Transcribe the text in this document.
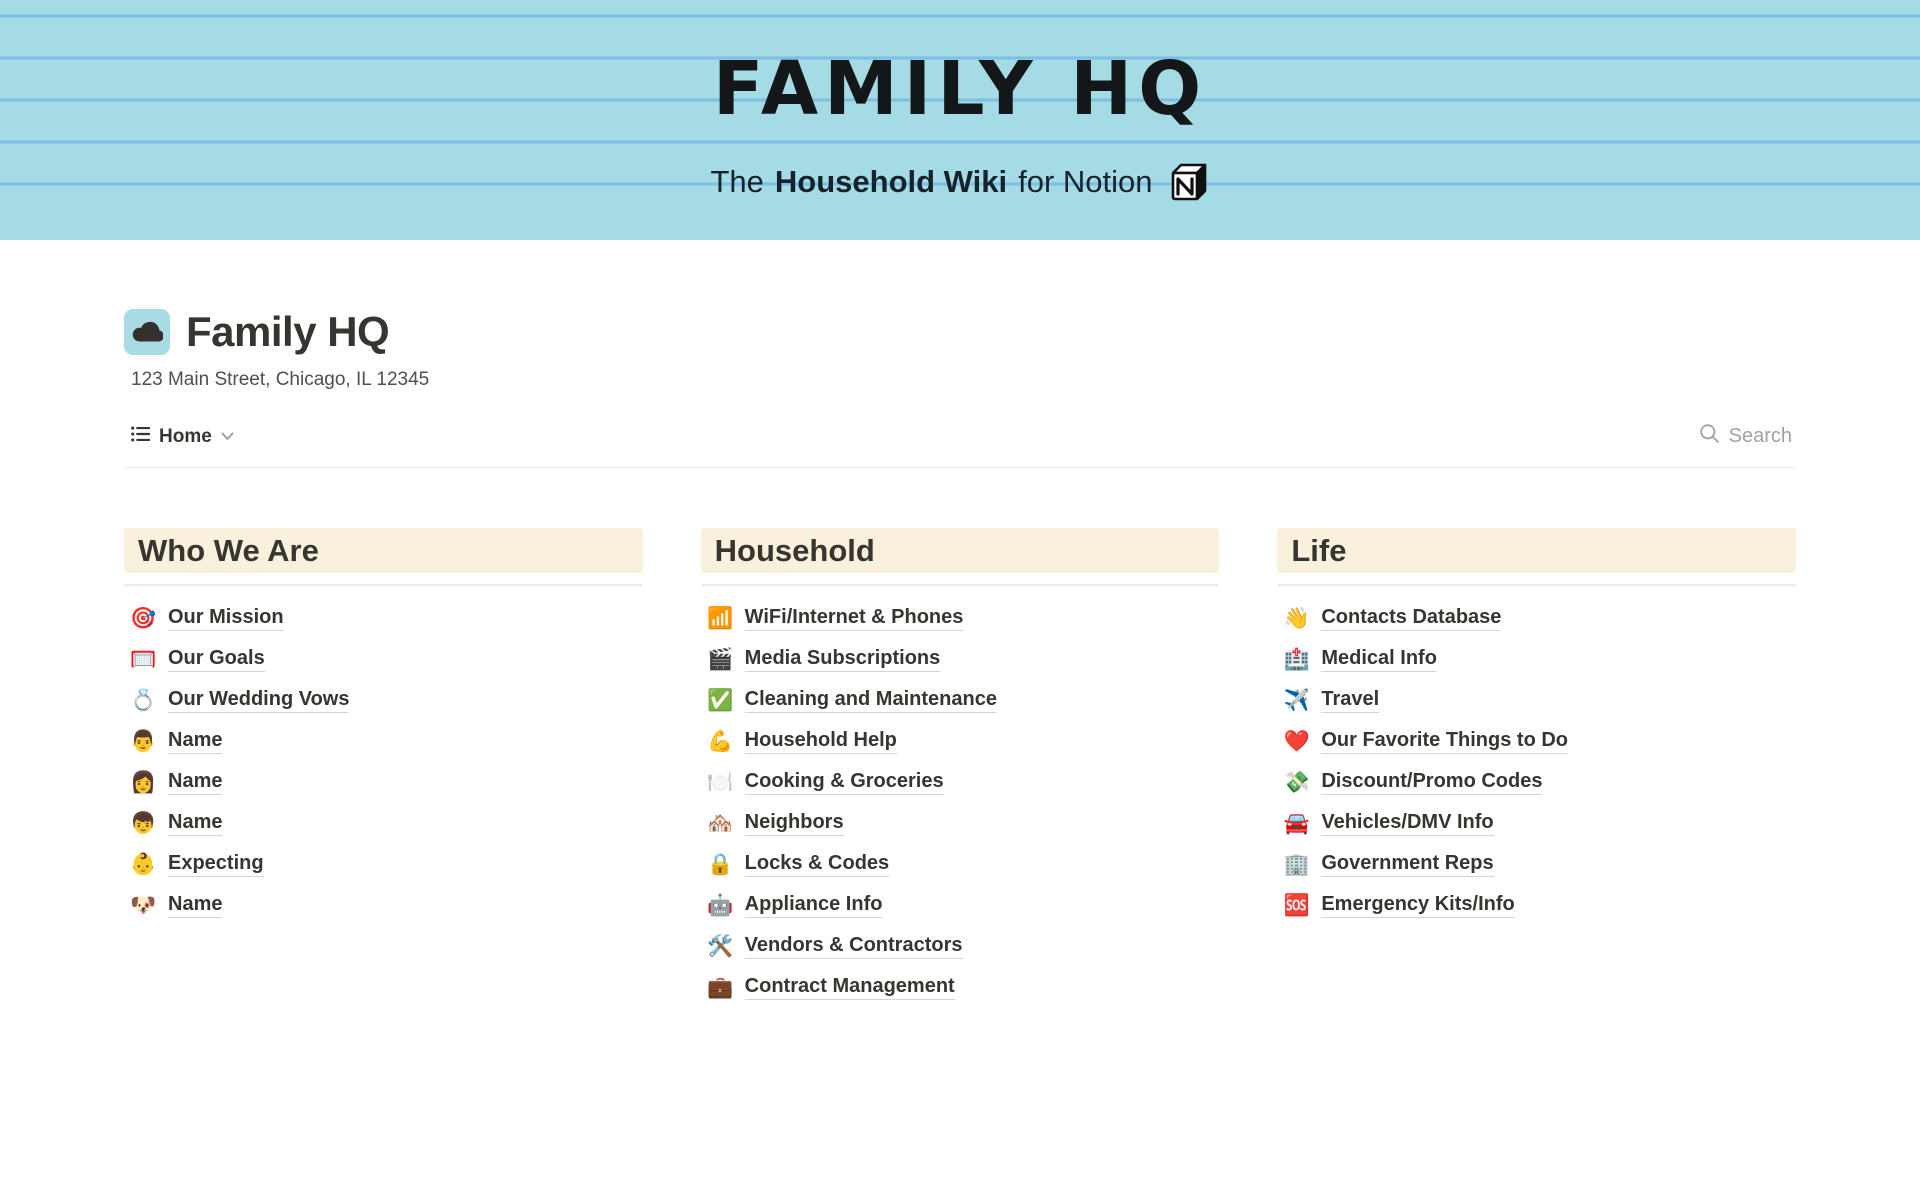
FAMILY HQ
The Household Wiki for Notion
Family HQ
123 Main Street, Chicago, IL 12345
Home	Search
Who We Are
🎯 Our Mission
🥅 Our Goals
💍 Our Wedding Vows
👨 Name
👩 Name
👦 Name
👶 Expecting
🐶 Name
Household
📶 WiFi/Internet & Phones
🎬 Media Subscriptions
✅ Cleaning and Maintenance
💪 Household Help
🍽️ Cooking & Groceries
🏘️ Neighbors
🔒 Locks & Codes
🤖 Appliance Info
🛠️ Vendors & Contractors
💼 Contract Management
Life
👋 Contacts Database
🏥 Medical Info
✈️ Travel
❤️ Our Favorite Things to Do
💸 Discount/Promo Codes
🚘 Vehicles/DMV Info
🏢 Government Reps
🆘 Emergency Kits/Info
